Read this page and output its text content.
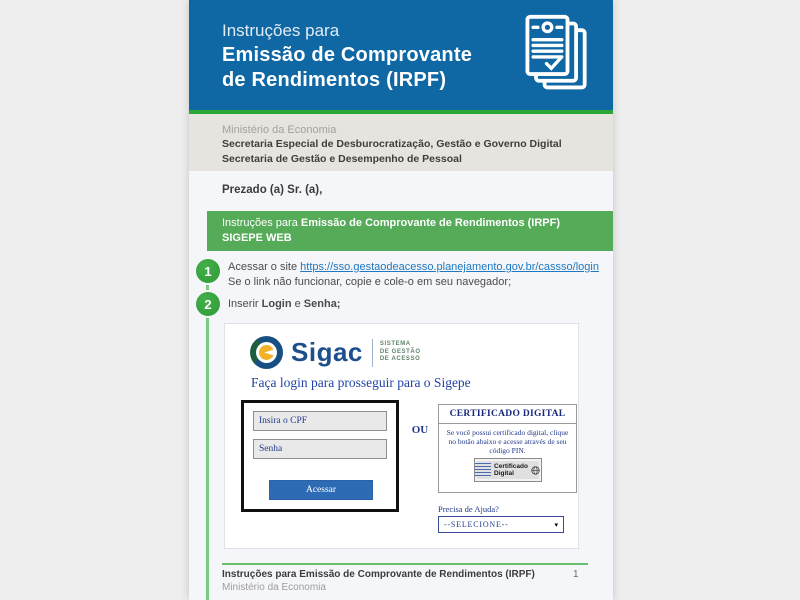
Instruções para
Emissão de Comprovante
de Rendimentos (IRPF)
Ministério da Economia
Secretaria Especial de Desburocratização, Gestão e Governo Digital
Secretaria de Gestão e Desempenho de Pessoal
Prezado (a) Sr. (a),
Instruções para Emissão de Comprovante de Rendimentos (IRPF)
SIGEPE WEB
1 Acessar o site https://sso.gestaodeacesso.planejamento.gov.br/cassso/login
Se o link não funcionar, copie e cole-o em seu navegador;
2 Inserir Login e Senha;
Sigac	SISTEMA
DE GESTÃO
DE ACESSO
Faça login para prosseguir para o Sigepe
Insira o CPF
Senha
Acessar
OU
CERTIFICADO DIGITAL
Se você possui certificado digital, clique no botão abaixo e acesse através de seu código PIN.
Certificado
Digital
Precisa de Ajuda?
--SELECIONE--	▾
Instruções para Emissão de Comprovante de Rendimentos (IRPF)
Ministério da Economia
1
